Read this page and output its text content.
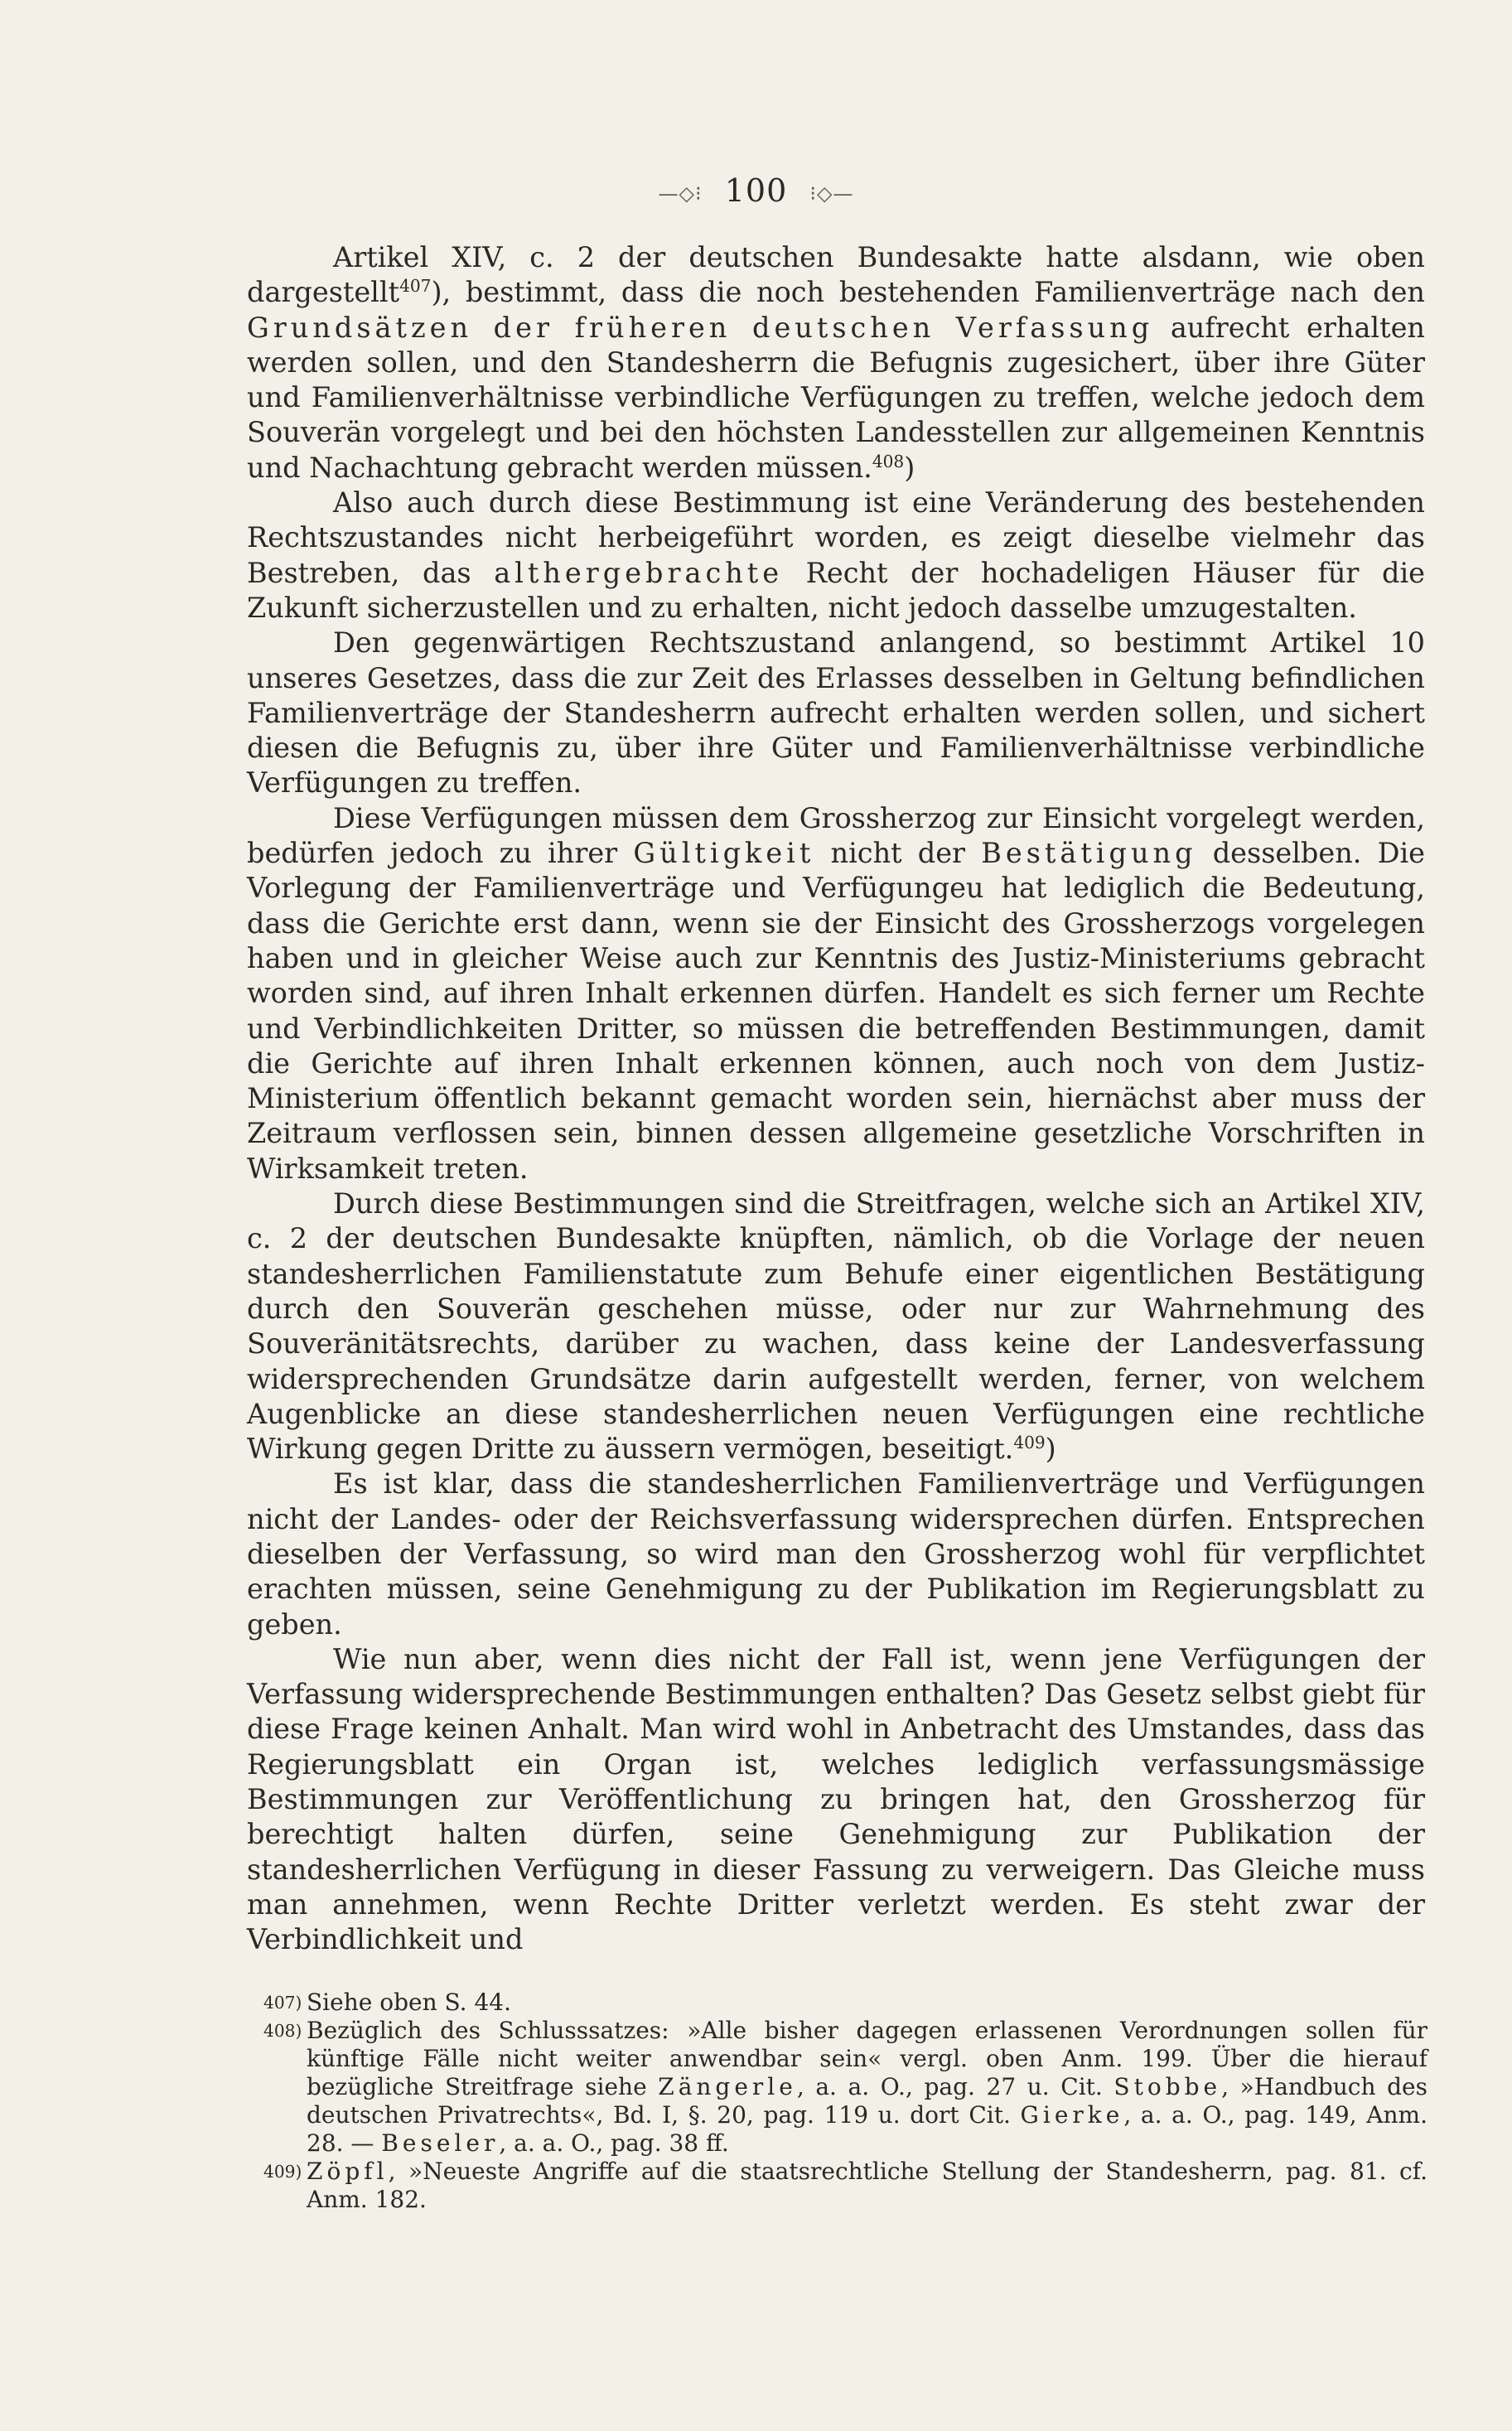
—◇⁝ 100 ⁝◇—

Artikel XIV, c. 2 der deutschen Bundesakte hatte alsdann, wie oben dargestellt$^{407}$), bestimmt, dass die noch bestehenden Familienverträge nach den Grundsätzen der früheren deutschen Verfassung aufrecht erhalten werden sollen, und den Standesherrn die Befugnis zugesichert, über ihre Güter und Familienverhältnisse verbindliche Verfügungen zu treffen, welche jedoch dem Souverän vorgelegt und bei den höchsten Landesstellen zur allgemeinen Kenntnis und Nachachtung gebracht werden müssen.$^{408}$)

Also auch durch diese Bestimmung ist eine Veränderung des bestehenden Rechtszustandes nicht herbeigeführt worden, es zeigt dieselbe vielmehr das Bestreben, das althergebrachte Recht der hochadeligen Häuser für die Zukunft sicherzustellen und zu erhalten, nicht jedoch dasselbe umzugestalten.

Den gegenwärtigen Rechtszustand anlangend, so bestimmt Artikel 10 unseres Gesetzes, dass die zur Zeit des Erlasses desselben in Geltung befindlichen Familienverträge der Standesherrn aufrecht erhalten werden sollen, und sichert diesen die Befugnis zu, über ihre Güter und Familienverhältnisse verbindliche Verfügungen zu treffen.

Diese Verfügungen müssen dem Grossherzog zur Einsicht vorgelegt werden, bedürfen jedoch zu ihrer Gültigkeit nicht der Bestätigung desselben. Die Vorlegung der Familienverträge und Verfügungeu hat lediglich die Bedeutung, dass die Gerichte erst dann, wenn sie der Einsicht des Grossherzogs vorgelegen haben und in gleicher Weise auch zur Kenntnis des Justiz-Ministeriums gebracht worden sind, auf ihren Inhalt erkennen dürfen. Handelt es sich ferner um Rechte und Verbindlichkeiten Dritter, so müssen die betreffenden Bestimmungen, damit die Gerichte auf ihren Inhalt erkennen können, auch noch von dem Justiz-Ministerium öffentlich bekannt gemacht worden sein, hiernächst aber muss der Zeitraum verflossen sein, binnen dessen allgemeine gesetzliche Vorschriften in Wirksamkeit treten.

Durch diese Bestimmungen sind die Streitfragen, welche sich an Artikel XIV, c. 2 der deutschen Bundesakte knüpften, nämlich, ob die Vorlage der neuen standesherrlichen Familienstatute zum Behufe einer eigentlichen Bestätigung durch den Souverän geschehen müsse, oder nur zur Wahrnehmung des Souveränitätsrechts, darüber zu wachen, dass keine der Landesverfassung widersprechenden Grundsätze darin aufgestellt werden, ferner, von welchem Augenblicke an diese standesherrlichen neuen Verfügungen eine rechtliche Wirkung gegen Dritte zu äussern vermögen, beseitigt.$^{409}$)

Es ist klar, dass die standesherrlichen Familienverträge und Verfügungen nicht der Landes- oder der Reichsverfassung widersprechen dürfen. Entsprechen dieselben der Verfassung, so wird man den Grossherzog wohl für verpflichtet erachten müssen, seine Genehmigung zu der Publikation im Regierungsblatt zu geben.

Wie nun aber, wenn dies nicht der Fall ist, wenn jene Verfügungen der Verfassung widersprechende Bestimmungen enthalten? Das Gesetz selbst giebt für diese Frage keinen Anhalt. Man wird wohl in Anbetracht des Umstandes, dass das Regierungsblatt ein Organ ist, welches lediglich verfassungsmässige Bestimmungen zur Veröffentlichung zu bringen hat, den Grossherzog für berechtigt halten dürfen, seine Genehmigung zur Publikation der standesherrlichen Verfügung in dieser Fassung zu verweigern. Das Gleiche muss man annehmen, wenn Rechte Dritter verletzt werden. Es steht zwar der Verbindlichkeit und

407) Siehe oben S. 44.
408) Bezüglich des Schlusssatzes: »Alle bisher dagegen erlassenen Verordnungen sollen für künftige Fälle nicht weiter anwendbar sein« vergl. oben Anm. 199. Über die hierauf bezügliche Streitfrage siehe Zängerle, a. a. O., pag. 27 u. Cit. Stobbe, »Handbuch des deutschen Privatrechts«, Bd. I, §. 20, pag. 119 u. dort Cit. Gierke, a. a. O., pag. 149, Anm. 28. — Beseler, a. a. O., pag. 38 ff.
409) Zöpfl, »Neueste Angriffe auf die staatsrechtliche Stellung der Standesherrn, pag. 81. cf. Anm. 182.
